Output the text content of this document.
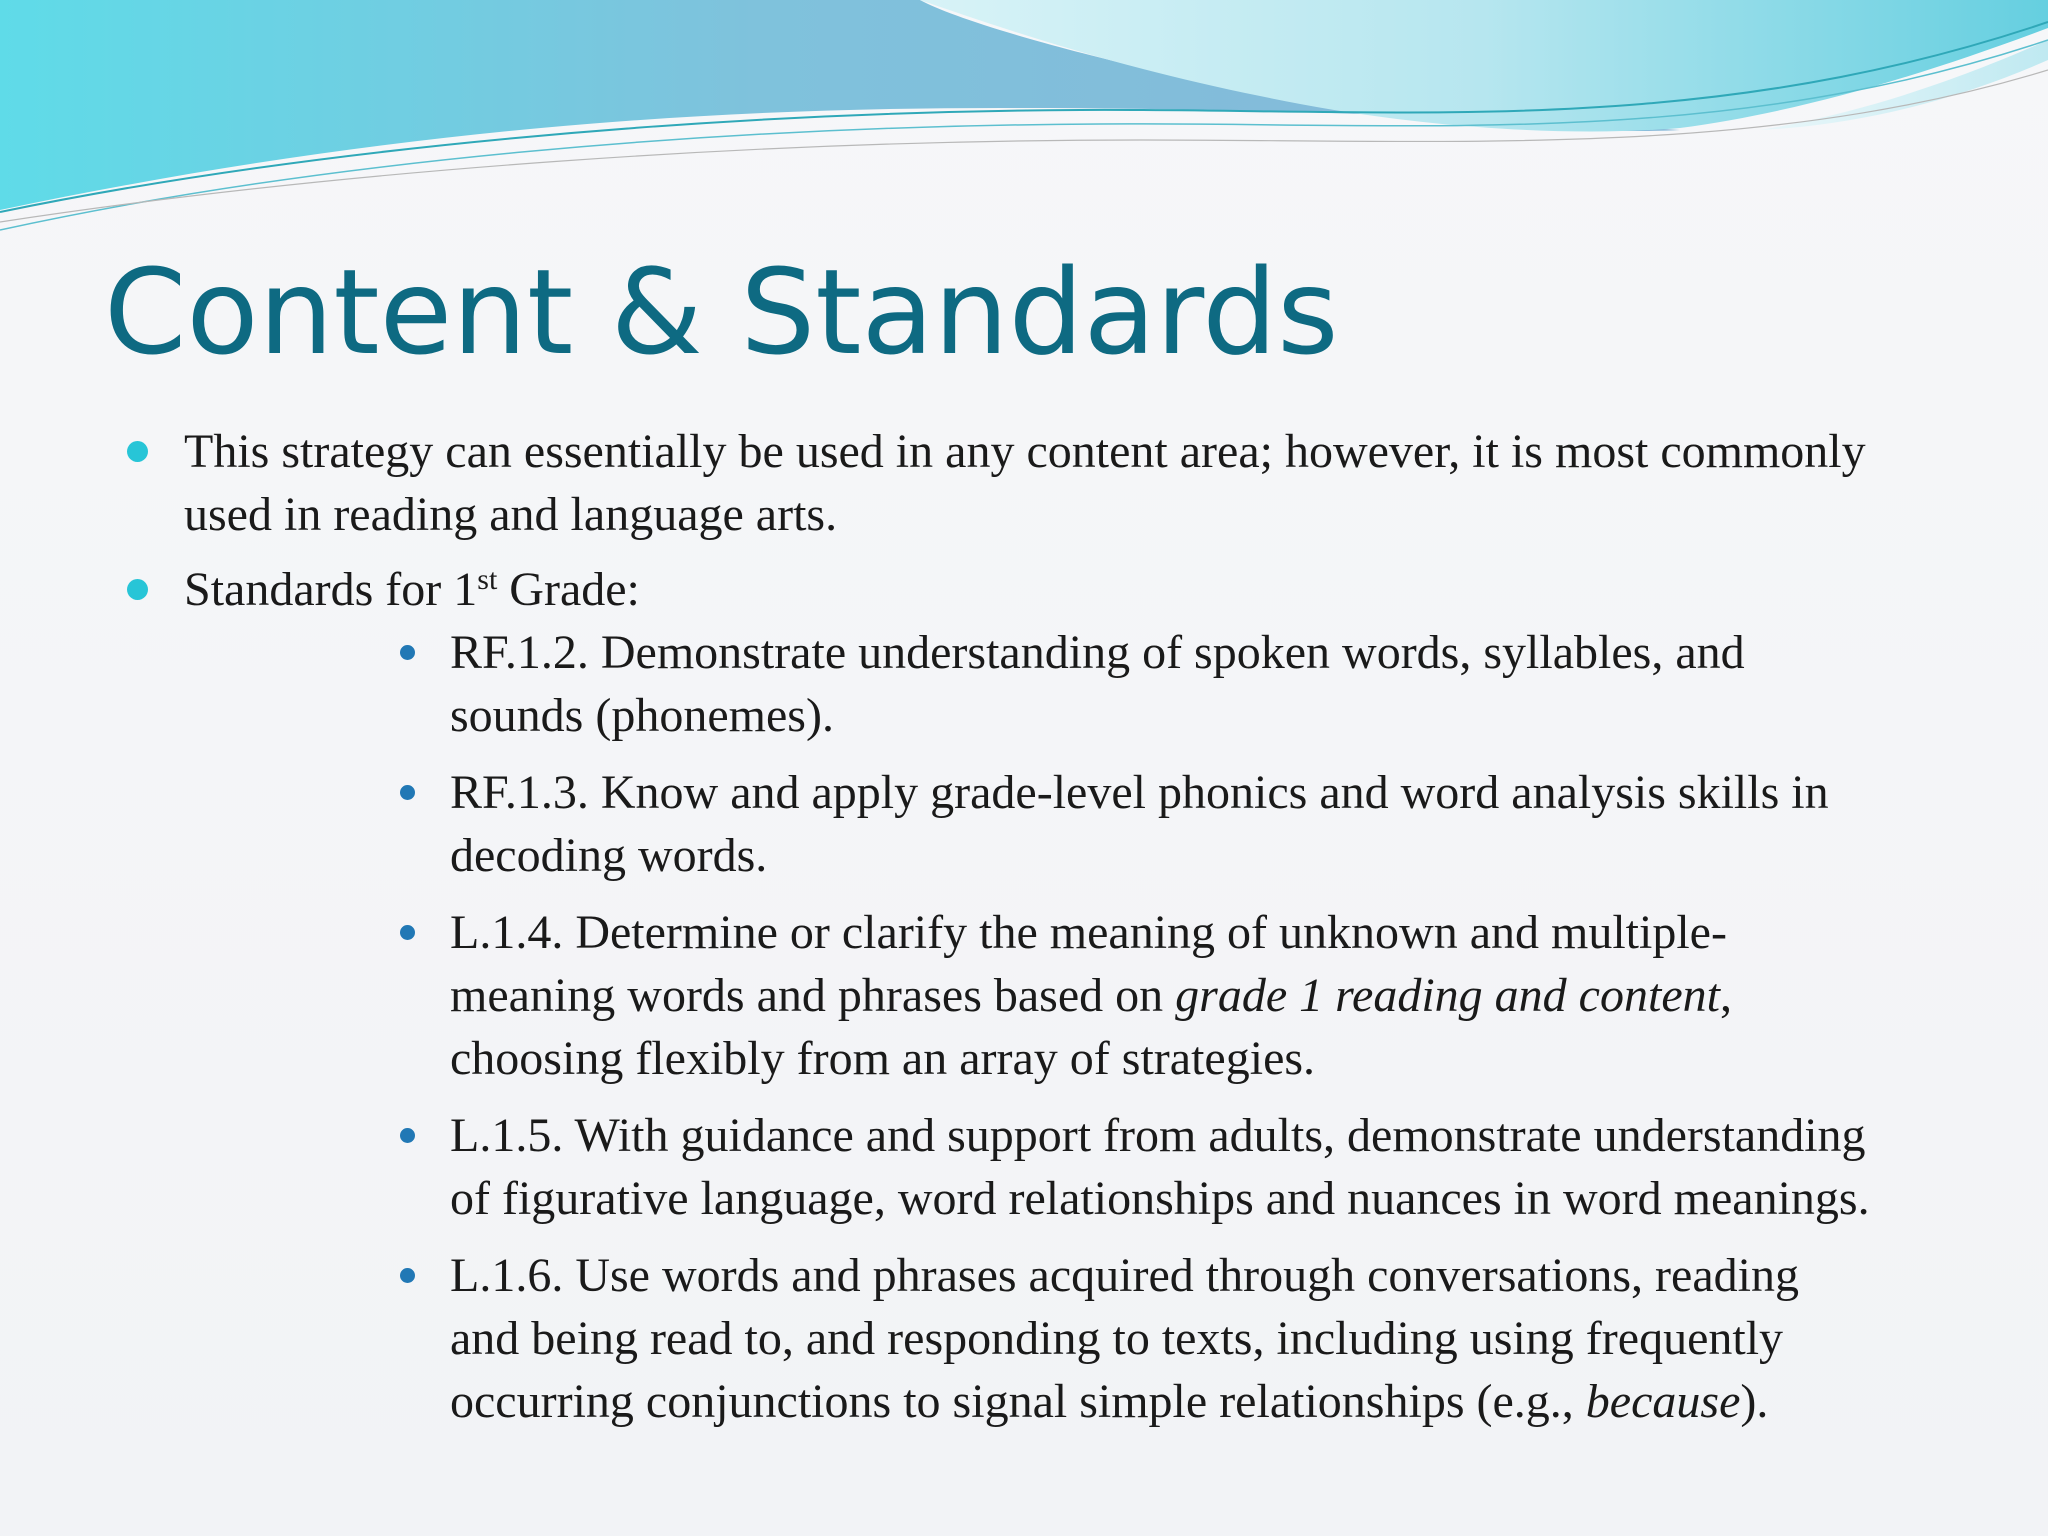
Content & Standards
This strategy can essentially be used in any content area; however, it is most commonly used in reading and language arts.
Standards for 1st Grade:
RF.1.2. Demonstrate understanding of spoken words, syllables, and sounds (phonemes).
RF.1.3. Know and apply grade-level phonics and word analysis skills in decoding words.
L.1.4. Determine or clarify the meaning of unknown and multiple-meaning words and phrases based on grade 1 reading and content, choosing flexibly from an array of strategies.
L.1.5. With guidance and support from adults, demonstrate understanding of figurative language, word relationships and nuances in word meanings.
L.1.6. Use words and phrases acquired through conversations, reading and being read to, and responding to texts, including using frequently occurring conjunctions to signal simple relationships (e.g., because).
